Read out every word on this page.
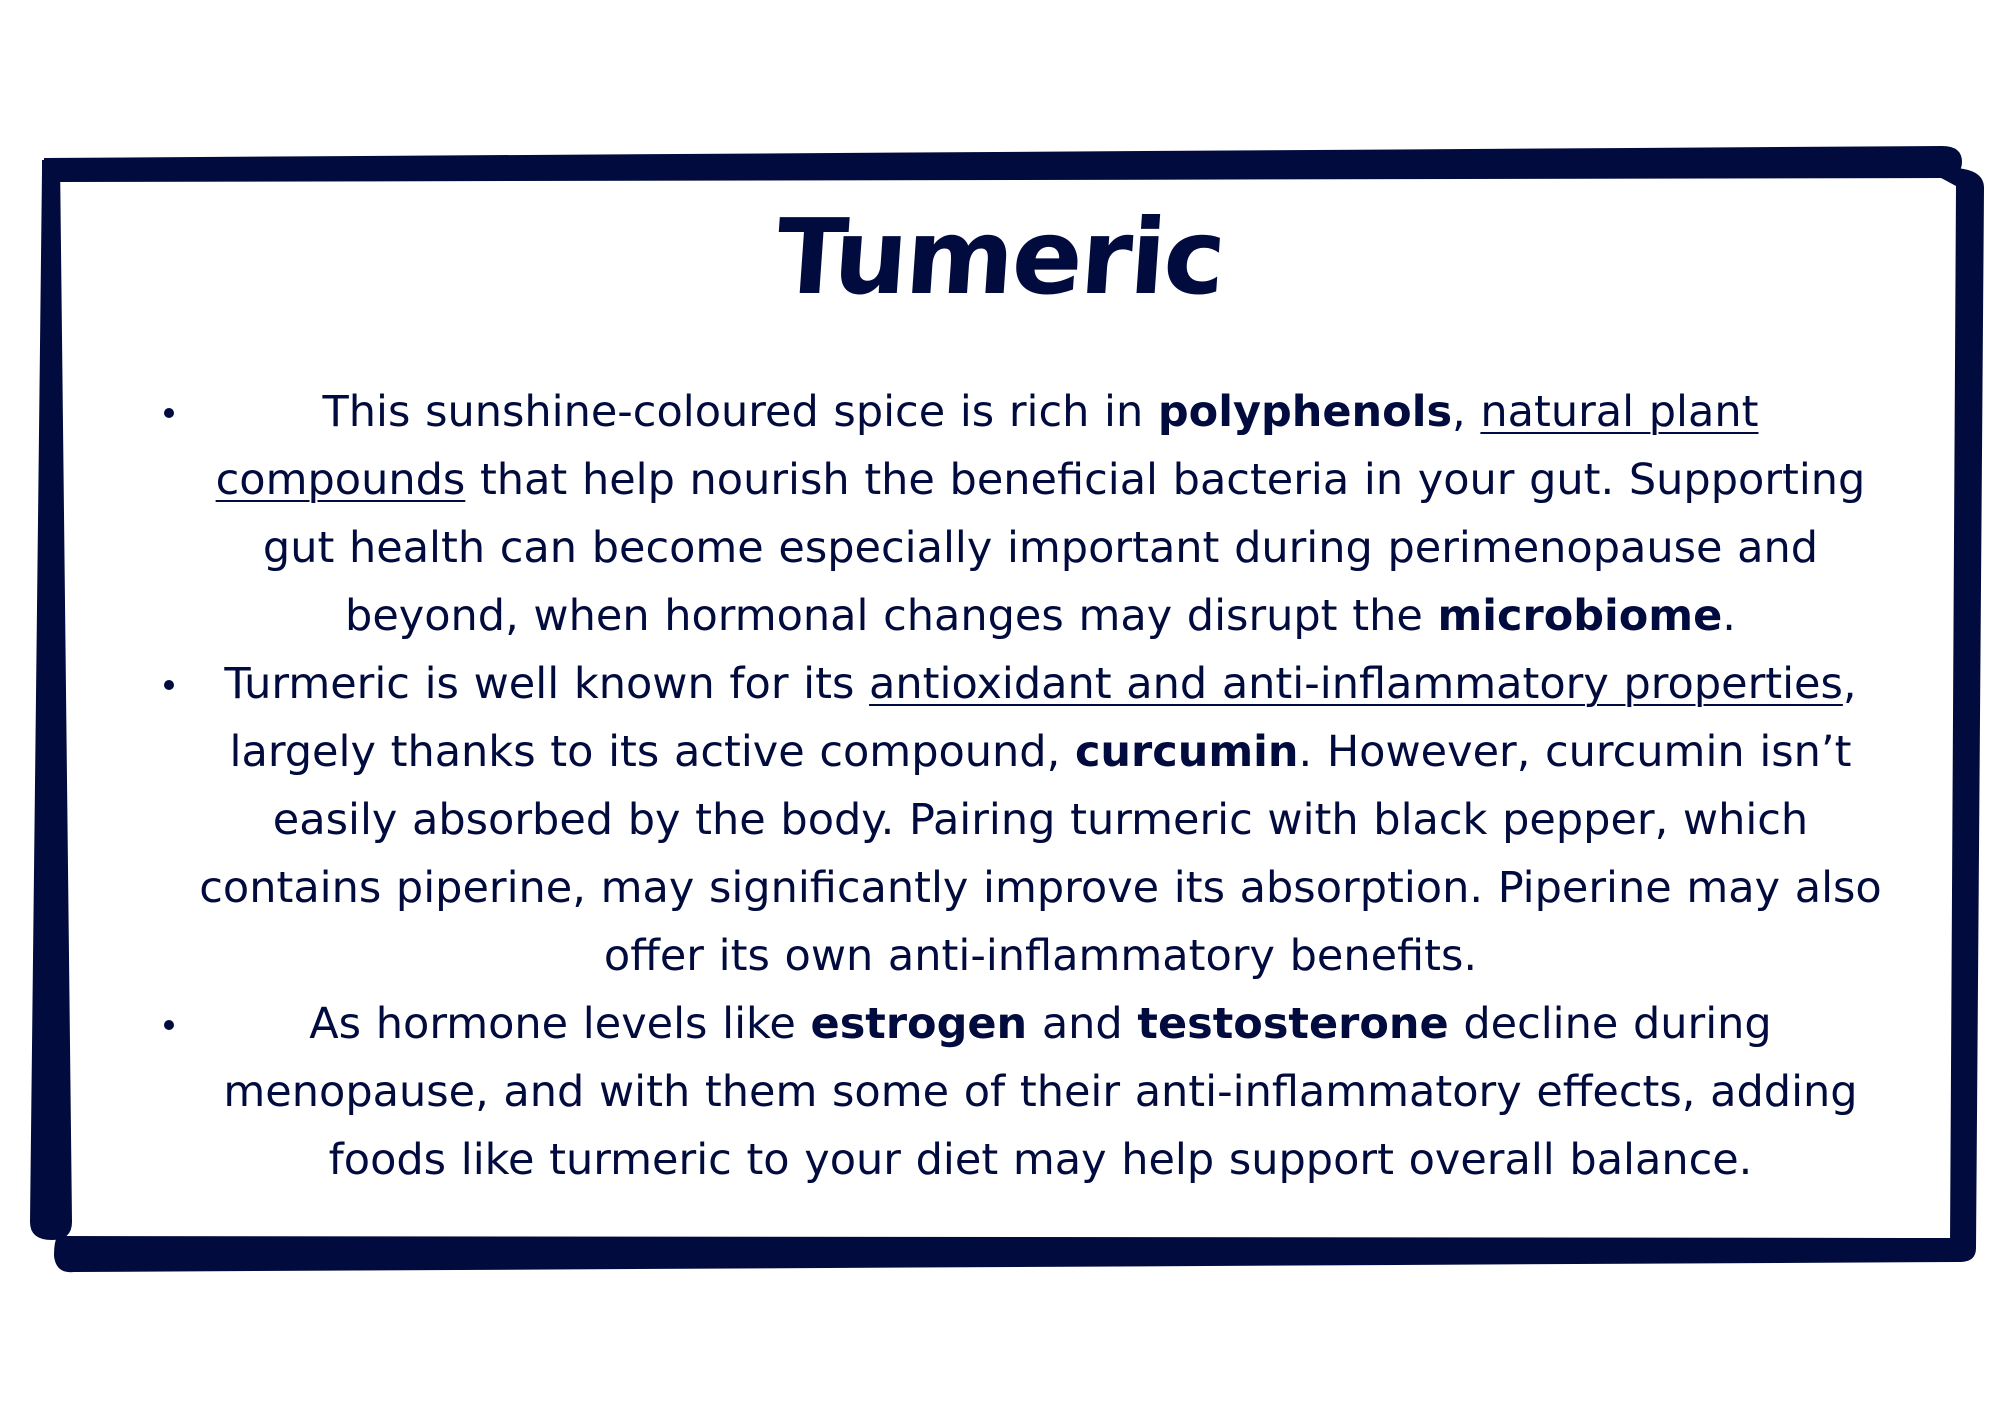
Tumeric
This sunshine-coloured spice is rich in polyphenols, natural plant compounds that help nourish the beneficial bacteria in your gut. Supporting gut health can become especially important during perimenopause and beyond, when hormonal changes may disrupt the microbiome.
Turmeric is well known for its antioxidant and anti-inflammatory properties, largely thanks to its active compound, curcumin. However, curcumin isn’t easily absorbed by the body. Pairing turmeric with black pepper, which contains piperine, may significantly improve its absorption. Piperine may also offer its own anti-inflammatory benefits.
As hormone levels like estrogen and testosterone decline during menopause, and with them some of their anti-inflammatory effects, adding foods like turmeric to your diet may help support overall balance.
